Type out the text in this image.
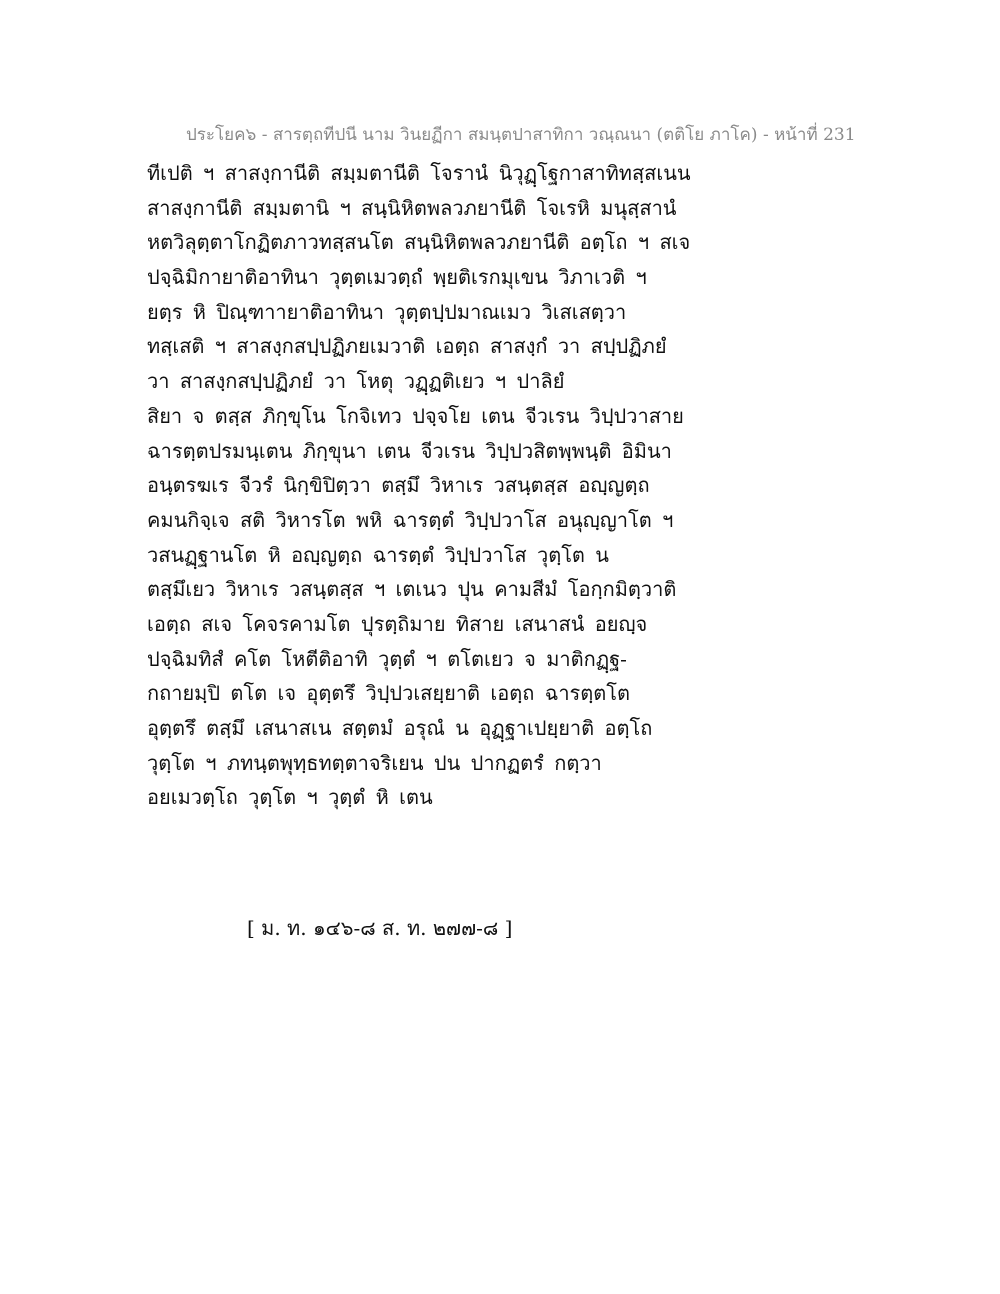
ประโยค๖ - สารตฺถทีปนี นาม วินยฏีกา สมนฺตปาสาทิกา วณฺณนา (ตติโย ภาโค) - หน้าที่ 231
ทีเปติ ฯ สาสงฺกานีติ สมฺมตานีติ โจรานํ นิวุฏฺโฐกาสาทิทสฺสเนน
สาสงฺกานีติ สมฺมตานิ ฯ สนฺนิหิตพลวภยานีติ โจเรหิ มนุสฺสานํ
หตวิลุตฺตาโกฏิตภาวทสฺสนโต สนฺนิหิตพลวภยานีติ อตฺโถ ฯ สเจ
ปจฺฉิมิกายาติอาทินา วุตฺตเมวตฺถํ พฺยติเรกมุเขน วิภาเวติ ฯ
ยตฺร หิ ปิณฺฑาายาติอาทินา วุตฺตปฺปมาณเมว วิเสเสตฺวา
ทสฺเสติ ฯ สาสงฺกสปฺปฏิภยเมวาติ เอตฺถ สาสงฺกํ วา สปฺปฏิภยํ
วา สาสงฺกสปฺปฏิภยํ วา โหตุ วฏฺฏติเยว ฯ ปาลิยํ
สิยา จ ตสฺส ภิกฺขุโน โกจิเทว ปจฺจโย เตน จีวเรน วิปฺปวาสาย
ฉารตฺตปรมนฺเตน ภิกฺขุนา เตน จีวเรน วิปฺปวสิตพฺพนฺติ อิมินา
อนฺตรฆเร จีวรํ นิกฺขิปิตฺวา ตสฺมึ วิหาเร วสนฺตสฺส อญฺญตฺถ
คมนกิจฺเจ สติ วิหารโต พหิ ฉารตฺตํ วิปฺปวาโส อนุญฺญาโต ฯ
วสนฏฺฐานโต หิ อญฺญตฺถ ฉารตฺตํ วิปฺปวาโส วุตฺโต น
ตสฺมึเยว วิหาเร วสนฺตสฺส ฯ เตเนว ปุน คามสีมํ โอกฺกมิตฺวาติ
เอตฺถ สเจ โคจรคามโต ปุรตฺถิมาย ทิสาย เสนาสนํ อยญฺจ
ปจฺฉิมทิสํ คโต โหตีติอาทิ วุตฺตํ ฯ ตโตเยว จ มาติกฏฺฐ-
กถายมฺปิ ตโต เจ อุตฺตรึ วิปฺปวเสยฺยาติ เอตฺถ ฉารตฺตโต
อุตฺตรึ ตสฺมึ เสนาสเน สตฺตมํ อรุณํ น อุฏฺฐาเปยฺยาติ อตฺโถ
วุตฺโต ฯ ภทนฺตพุทฺธทตฺตาจริเยน ปน ปากฏตรํ กตฺวา
อยเมวตฺโถ วุตฺโต ฯ วุตฺตํ หิ เตน
[ ม. ท. ๑๔๖-๘ ส. ท. ๒๗๗-๘ ]
